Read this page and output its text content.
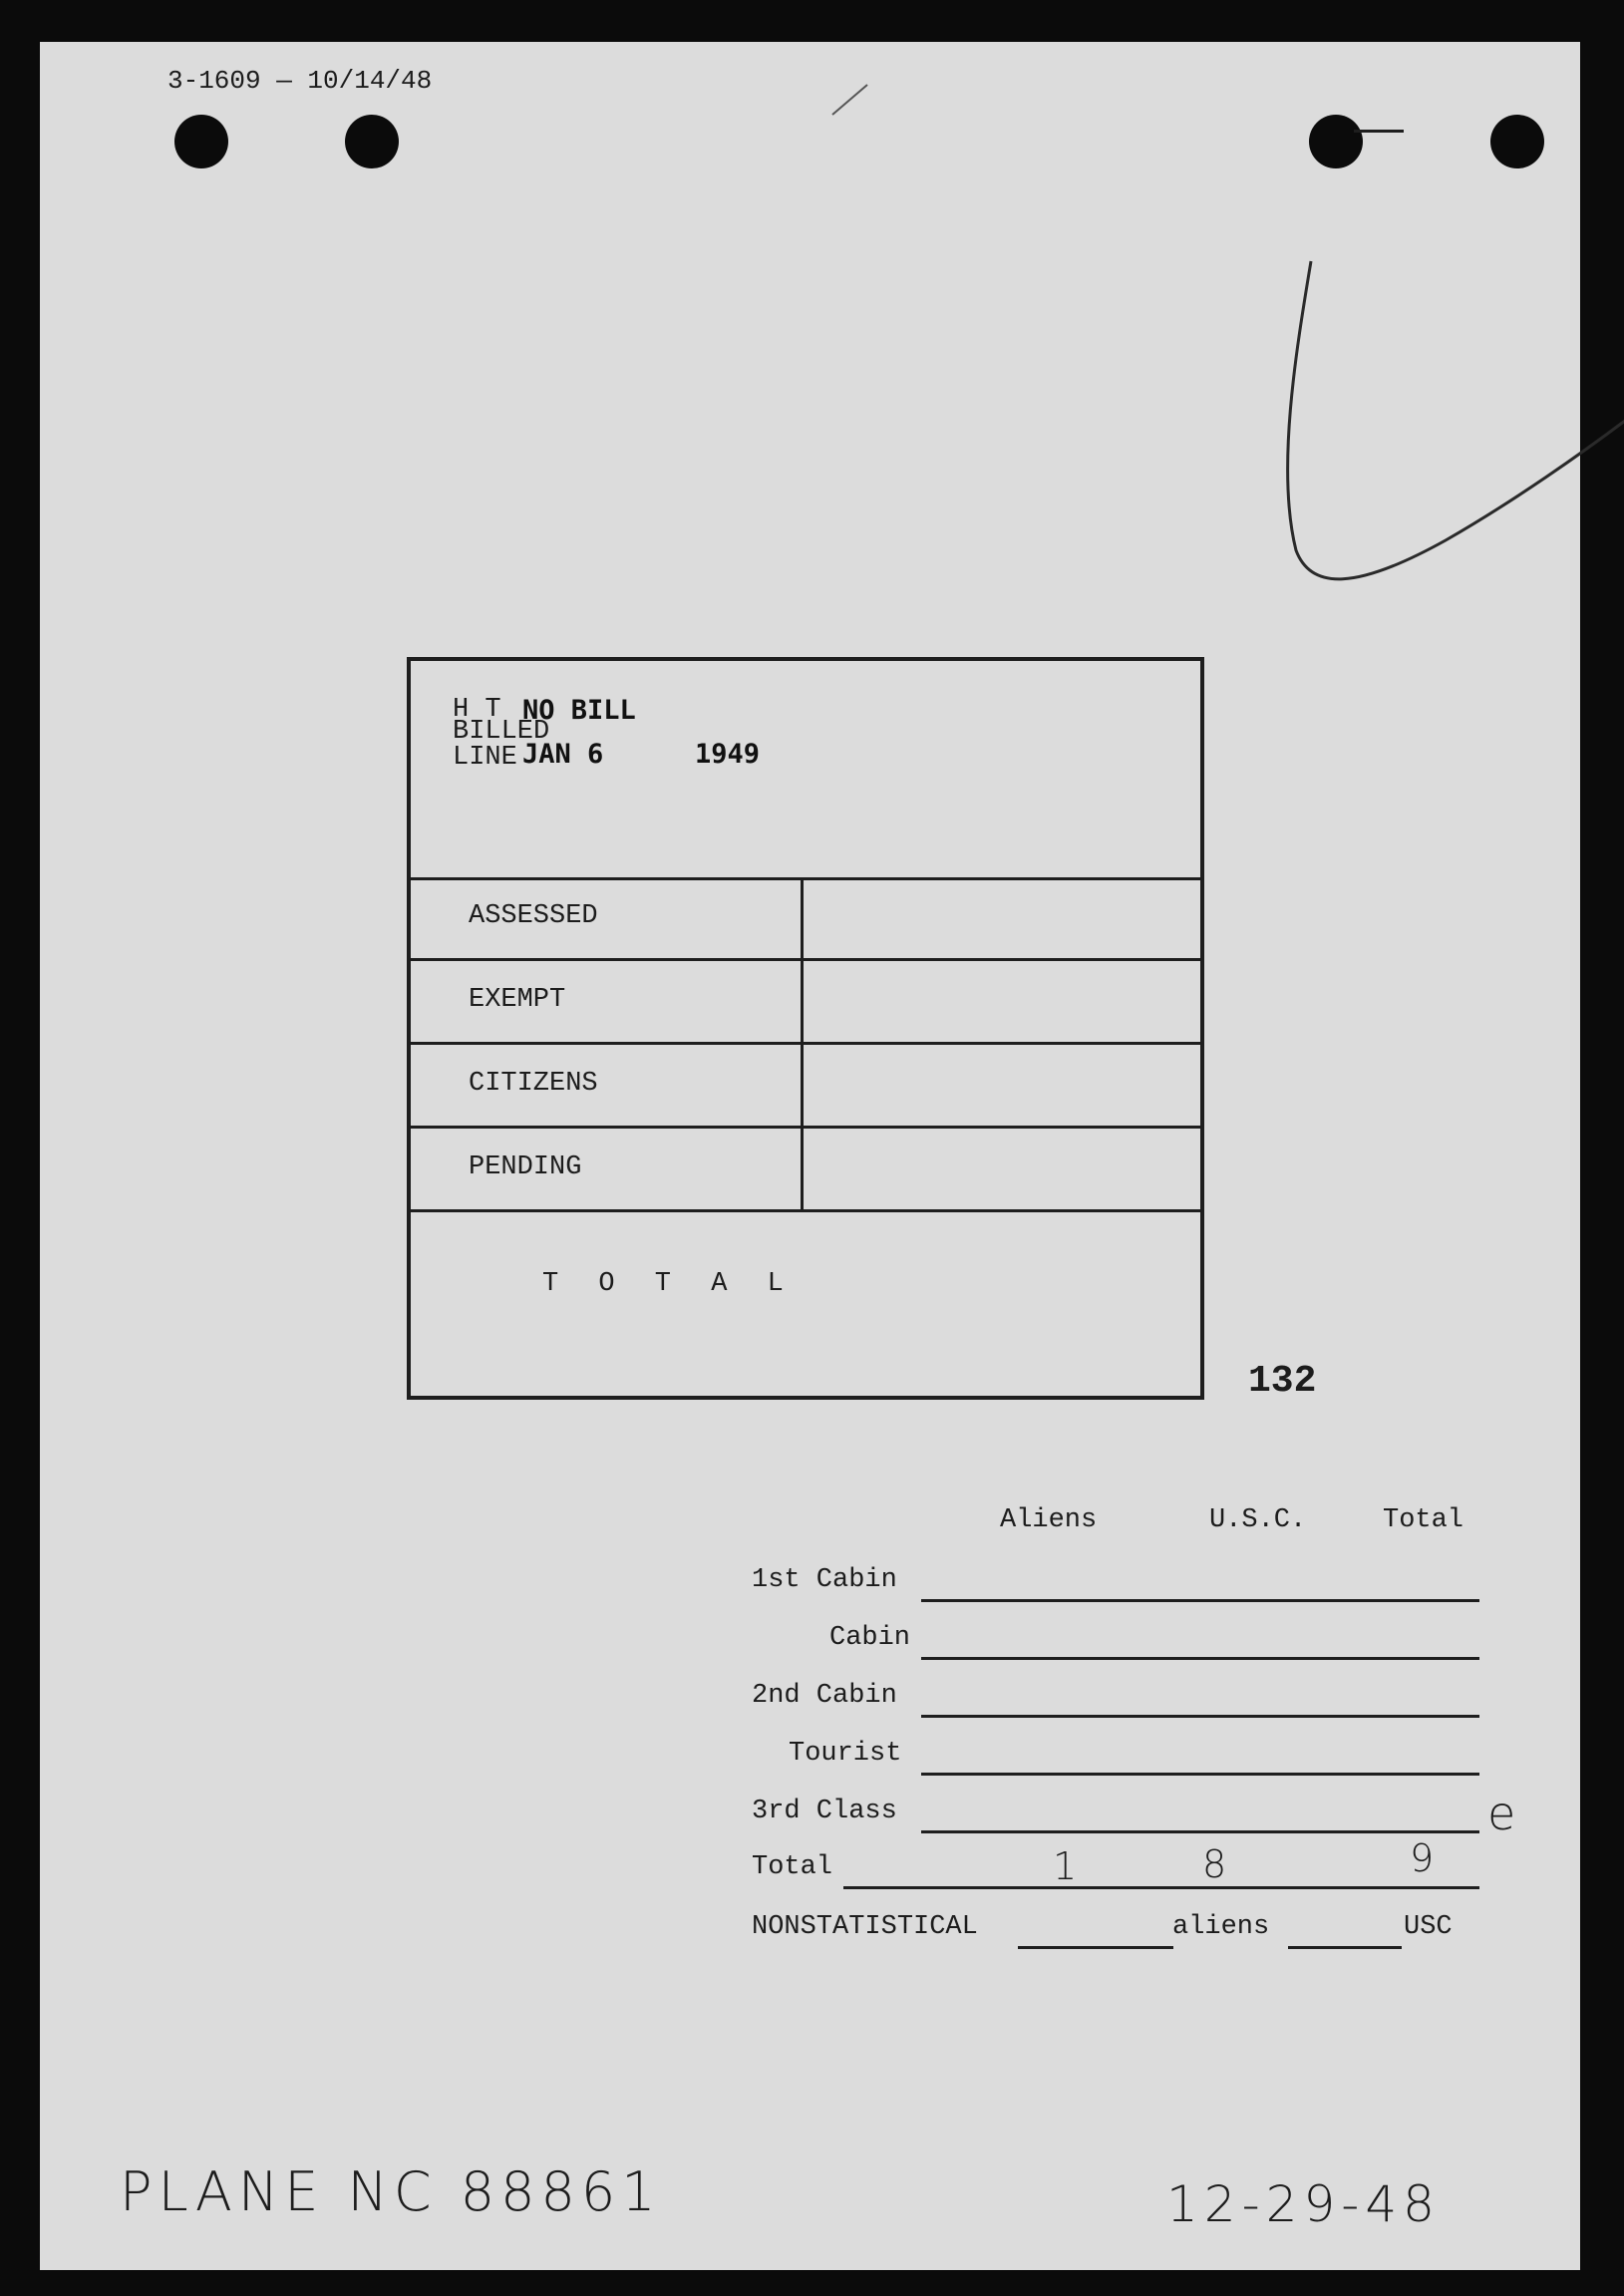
3-1609 — 10/14/48
H T NO BILL
BILLED
LINE JAN 6	1949
ASSESSED
EXEMPT
CITIZENS
PENDING
T O T A L
132
Aliens	U.S.C.	Total
1st Cabin
Cabin
2nd Cabin
Tourist
3rd Class	e
Total	1	8	9
NONSTATISTICAL	aliens	USC
PLANE NC 88861	12-29-48
